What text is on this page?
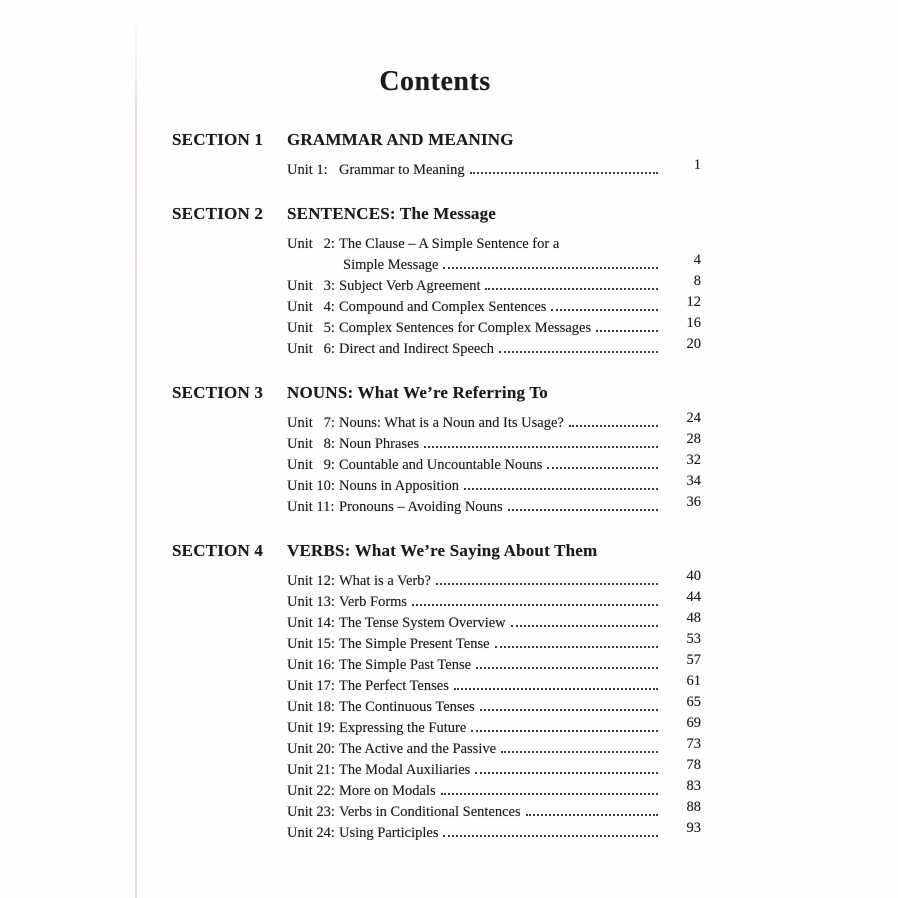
Contents
SECTION 1	GRAMMAR AND MEANING
Unit 1: Grammar to Meaning	1
SECTION 2	SENTENCES: The Message
Unit   2: The Clause – A Simple Sentence for a
Simple Message	4
Unit   3: Subject Verb Agreement	8
Unit   4: Compound and Complex Sentences	12
Unit   5: Complex Sentences for Complex Messages	16
Unit   6: Direct and Indirect Speech	20
SECTION 3	NOUNS: What We’re Referring To
Unit   7: Nouns: What is a Noun and Its Usage?	24
Unit   8: Noun Phrases	28
Unit   9: Countable and Uncountable Nouns	32
Unit 10: Nouns in Apposition	34
Unit 11: Pronouns – Avoiding Nouns	36
SECTION 4	VERBS: What We’re Saying About Them
Unit 12: What is a Verb?	40
Unit 13: Verb Forms	44
Unit 14: The Tense System Overview	48
Unit 15: The Simple Present Tense	53
Unit 16: The Simple Past Tense	57
Unit 17: The Perfect Tenses	61
Unit 18: The Continuous Tenses	65
Unit 19: Expressing the Future	69
Unit 20: The Active and the Passive	73
Unit 21: The Modal Auxiliaries	78
Unit 22: More on Modals	83
Unit 23: Verbs in Conditional Sentences	88
Unit 24: Using Participles	93
